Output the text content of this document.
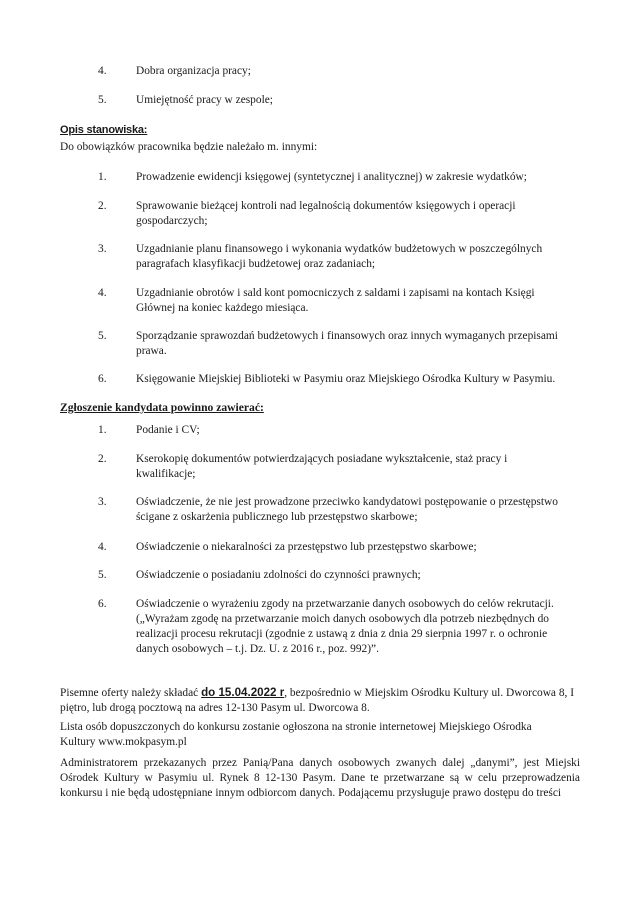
4.	Dobra organizacja pracy;
5.	Umiejętność pracy w zespole;
Opis stanowiska:
Do obowiązków pracownika będzie należało m. innymi:
1.	Prowadzenie ewidencji księgowej (syntetycznej i analitycznej) w zakresie wydatków;
2.	Sprawowanie bieżącej kontroli nad legalnością dokumentów księgowych i operacji gospodarczych;
3.	Uzgadnianie planu finansowego i wykonania wydatków budżetowych w poszczególnych paragrafach klasyfikacji budżetowej oraz zadaniach;
4.	Uzgadnianie obrotów i sald kont pomocniczych z saldami i zapisami na kontach Księgi Głównej na koniec każdego miesiąca.
5.	Sporządzanie sprawozdań budżetowych i finansowych oraz innych wymaganych przepisami prawa.
6.	Księgowanie Miejskiej Biblioteki w Pasymiu oraz Miejskiego Ośrodka Kultury w Pasymiu.
Zgłoszenie kandydata powinno zawierać:
1.	Podanie i CV;
2.	Kserokopię dokumentów potwierdzających posiadane wykształcenie, staż pracy i kwalifikacje;
3.	Oświadczenie, że nie jest prowadzone przeciwko kandydatowi postępowanie o przestępstwo ścigane z oskarżenia publicznego lub przestępstwo skarbowe;
4.	Oświadczenie o niekaralności za przestępstwo lub przestępstwo skarbowe;
5.	Oświadczenie o posiadaniu zdolności do czynności prawnych;
6.	Oświadczenie o wyrażeniu zgody na przetwarzanie danych osobowych do celów rekrutacji.(„Wyrażam zgodę na przetwarzanie moich danych osobowych dla potrzeb niezbędnych do realizacji procesu rekrutacji (zgodnie z ustawą z dnia z dnia 29 sierpnia 1997 r. o ochronie danych osobowych – t.j. Dz. U. z 2016 r., poz. 992)”.
Pisemne oferty należy składać do 15.04.2022 r, bezpośrednio w Miejskim Ośrodku Kultury ul. Dworcowa 8, I piętro, lub drogą pocztową na adres 12-130 Pasym ul. Dworcowa 8.
Lista osób dopuszczonych do konkursu zostanie ogłoszona na stronie internetowej Miejskiego Ośrodka Kultury www.mokpasym.pl
Administratorem przekazanych przez Panią/Pana danych osobowych zwanych dalej „danymi”, jest Miejski Ośrodek Kultury w Pasymiu ul. Rynek 8 12-130 Pasym. Dane te przetwarzane są w celu przeprowadzenia konkursu i nie będą udostępniane innym odbiorcom danych. Podającemu przysługuje prawo dostępu do treści
